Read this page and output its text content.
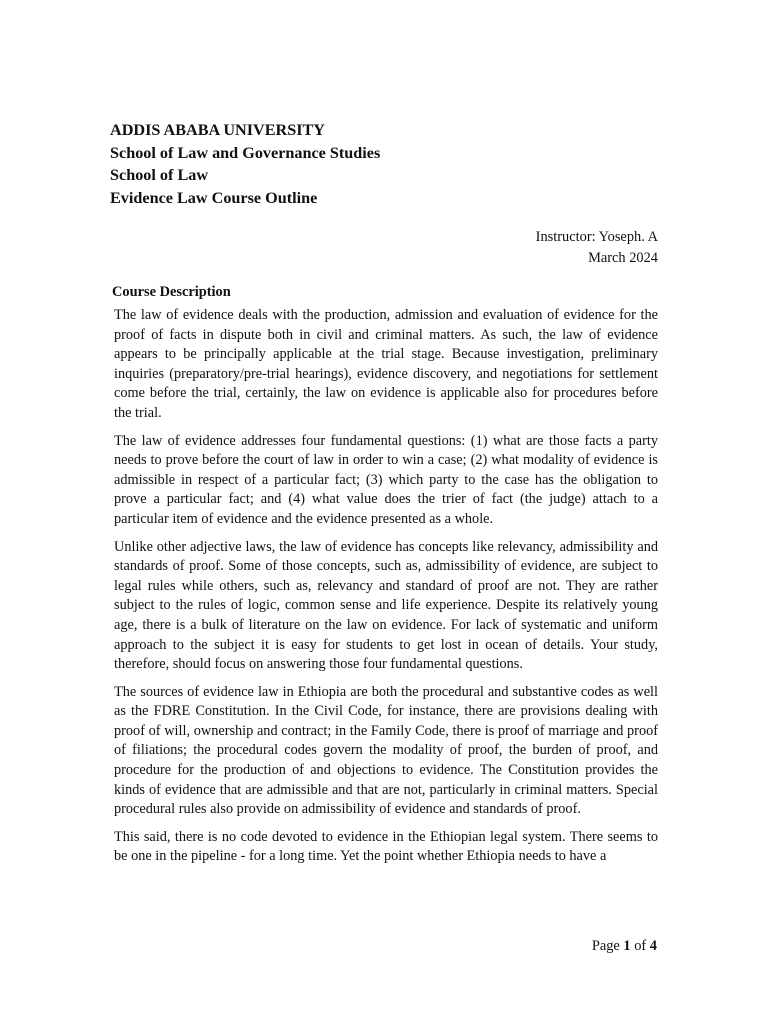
ADDIS ABABA UNIVERSITY
School of Law and Governance Studies
School of Law
Evidence Law Course Outline
Instructor: Yoseph. A
March 2024
Course Description

The law of evidence deals with the production, admission and evaluation of evidence for the proof of facts in dispute both in civil and criminal matters. As such, the law of evidence appears to be principally applicable at the trial stage. Because investigation, preliminary inquiries (preparatory/pre-trial hearings), evidence discovery, and negotiations for settlement come before the trial, certainly, the law on evidence is applicable also for procedures before the trial.

The law of evidence addresses four fundamental questions: (1) what are those facts a party needs to prove before the court of law in order to win a case; (2) what modality of evidence is admissible in respect of a particular fact; (3) which party to the case has the obligation to prove a particular fact; and (4) what value does the trier of fact (the judge) attach to a particular item of evidence and the evidence presented as a whole.

Unlike other adjective laws, the law of evidence has concepts like relevancy, admissibility and standards of proof. Some of those concepts, such as, admissibility of evidence, are subject to legal rules while others, such as, relevancy and standard of proof are not. They are rather subject to the rules of logic, common sense and life experience. Despite its relatively young age, there is a bulk of literature on the law on evidence. For lack of systematic and uniform approach to the subject it is easy for students to get lost in ocean of details. Your study, therefore, should focus on answering those four fundamental questions.

The sources of evidence law in Ethiopia are both the procedural and substantive codes as well as the FDRE Constitution. In the Civil Code, for instance, there are provisions dealing with proof of will, ownership and contract; in the Family Code, there is proof of marriage and proof of filiations; the procedural codes govern the modality of proof, the burden of proof, and procedure for the production of and objections to evidence. The Constitution provides the kinds of evidence that are admissible and that are not, particularly in criminal matters. Special procedural rules also provide on admissibility of evidence and standards of proof.

This said, there is no code devoted to evidence in the Ethiopian legal system. There seems to be one in the pipeline - for a long time. Yet the point whether Ethiopia needs to have a

Page 1 of 4
